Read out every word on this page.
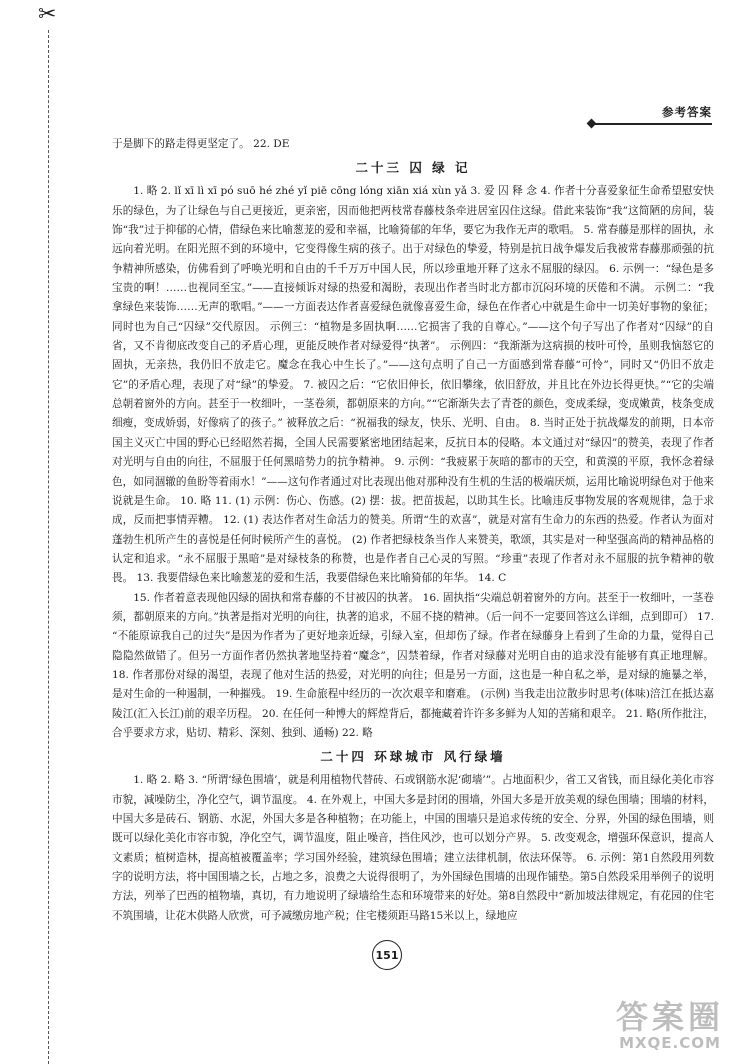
✂
参考答案

于是脚下的路走得更坚定了。 22. DE

二十三 囚 绿 记

1. 略 2. lǐ xī lì xī pó suō hé zhé yǐ piē cōng lóng xiān xiá xùn yǎ 3. 爱 囚 释 念 4. 作者十分喜爱象征生命希望慰安快乐的绿色，为了让绿色与自己更接近，更亲密，因而他把两枝常春藤枝条牵进居室囚住这绿。借此来装饰“我”这简陋的房间，装饰“我”过于抑郁的心情，借绿色来比喻葱茏的爱和幸福，比喻猗郁的年华，要它为我作无声的歌唱。 5. 常春藤是那样的固执，永远向着光明。在阳光照不到的环境中，它变得像生病的孩子。出于对绿色的挚爱，特别是抗日战争爆发后我被常春藤那顽强的抗争精神所感染，仿佛看到了呼唤光明和自由的千千万万中国人民，所以珍重地开释了这永不屈服的绿囚。 6. 示例一：“绿色是多宝贵的啊！……也视同至宝。”——直接倾诉对绿的热爱和渴盼，表现出作者当时北方都市沉闷环境的厌倦和不满。 示例二：“我拿绿色来装饰……无声的歌唱。”——一方面表达作者喜爱绿色就像喜爱生命，绿色在作者心中就是生命中一切美好事物的象征；同时也为自己“囚绿”交代原因。 示例三：“植物是多固执啊……它损害了我的自尊心。”——这个句子写出了作者对“囚绿”的自省，又不肯彻底改变自己的矛盾心理，更能反映作者对绿爱得“执著”。 示例四：“我渐渐为这病损的枝叶可怜，虽则我恼怒它的固执，无亲热，我仍旧不放走它。魔念在我心中生长了。”——这句点明了自己一方面感到常春藤“可怜”，同时又“仍旧不放走它”的矛盾心理，表现了对“绿”的挚爱。 7. 被囚之后：“它依旧伸长，依旧攀缘，依旧舒放，并且比在外边长得更快。”“它的尖端总朝着窗外的方向。甚至于一枚细叶，一茎卷须，都朝原来的方向。”“它渐渐失去了青苍的颜色，变成柔绿，变成嫩黄，枝条变成细瘦，变成娇弱，好像病了的孩子。” 被释放之后：“祝福我的绿友，快乐、光明、自由。 8. 当时正处于抗战爆发的前期，日本帝国主义灭亡中国的野心已经昭然若揭，全国人民需要紧密地团结起来，反抗日本的侵略。本文通过对“绿囚”的赞美，表现了作者对光明与自由的向往，不屈服于任何黑暗势力的抗争精神。 9. 示例：“我疲累于灰暗的都市的天空，和黄漠的平原，我怀念着绿色，如同涸辙的鱼盼等着雨水！”——这句作者通过对比表现出他对那种没有生机的生活的极端厌烦，运用比喻说明绿色对于他来说就是生命。 10. 略 11. (1) 示例：伤心、伤感。(2) 摆：拔。把苗拔起，以助其生长。比喻违反事物发展的客观规律，急于求成，反而把事情弄糟。 12. (1) 表达作者对生命活力的赞美。所谓“生的欢喜”，就是对富有生命力的东西的热爱。作者认为面对蓬勃生机所产生的喜悦是任何时候所产生的喜悦。 (2) 作者把绿枝条当作人来赞美，歌颂，其实是对一种坚强高尚的精神品格的认定和追求。“永不屈服于黑暗”是对绿枝条的称赞，也是作者自己心灵的写照。“珍重”表现了作者对永不屈服的抗争精神的敬畏。 13. 我要借绿色来比喻葱茏的爱和生活，我要借绿色来比喻猗郁的年华。 14. C

15. 作者着意表现他囚绿的固执和常春藤的不甘被囚的执著。 16. 固执指“尖端总朝着窗外的方向。甚至于一枚细叶，一茎卷须，都朝原来的方向。”执著是指对光明的向往，执著的追求，不屈不挠的精神。（后一问不一定要回答这么详细，点到即可） 17. “不能原谅我自己的过失”是因为作者为了更好地亲近绿，引绿入室，但却伤了绿。作者在绿藤身上看到了生命的力量，觉得自己隐隐然做错了。但另一方面作者仍然执著地坚持着“魔念”，囚禁着绿，作者对绿藤对光明自由的追求没有能够有真正地理解。 18. 作者那份对绿的渴望，表现了他对生活的热爱，对光明的向往；但是另一方面，这也是一种自私之举，是对绿的施暴之举，是对生命的一种遏制，一种摧残。 19. 生命旅程中经历的一次次艰辛和磨难。 (示例) 当我走出泣散步时思考(体味)涪江在抵达嘉陵江(汇入长江)前的艰辛历程。 20. 在任何一种博大的辉煌背后，都掩藏着许许多多鲜为人知的苦痛和艰辛。 21. 略(所作批注，合乎要求方求，贴切、精彩、深刻、独到、通畅) 22. 略

二十四 环球城市 风行绿墙

1. 略 2. 略 3. “所谓‘绿色围墙’，就是利用植物代替砖、石或钢筋水泥‘砌墙’”。占地面积少，省工又省钱，而且绿化美化市容市貌，减噪防尘，净化空气，调节温度。 4. 在外观上，中国大多是封闭的围墙，外国大多是开放美观的绿色围墙；围墙的材料，中国大多是砖石、钢筋、水泥，外国大多是各种植物；在功能上，中国的围墙只是追求传统的安全、分界，外国的绿色围墙，则既可以绿化美化市容市貌，净化空气，调节温度，阻止噪音，挡住风沙，也可以划分产界。 5. 改变观念，增强环保意识，提高人文素质；植树造林，提高植被覆盖率；学习国外经验，建筑绿色围墙；建立法律机制，依法环保等。 6. 示例：第1自然段用列数字的说明方法，将中国围墙之长，占地之多，浪费之大说得很明了，为外国绿色围墙的出现作铺垫。第5自然段采用举例子的说明方法，列举了巴西的植物墙，真切，有力地说明了绿墙给生态和环境带来的好处。第8自然段中“新加坡法律规定，有花园的住宅不筑围墙，让花木供路人欣赏，可予减缴房地产税；住宅楼须距马路15米以上，绿地应

151
答案圈
MXQE.COM
